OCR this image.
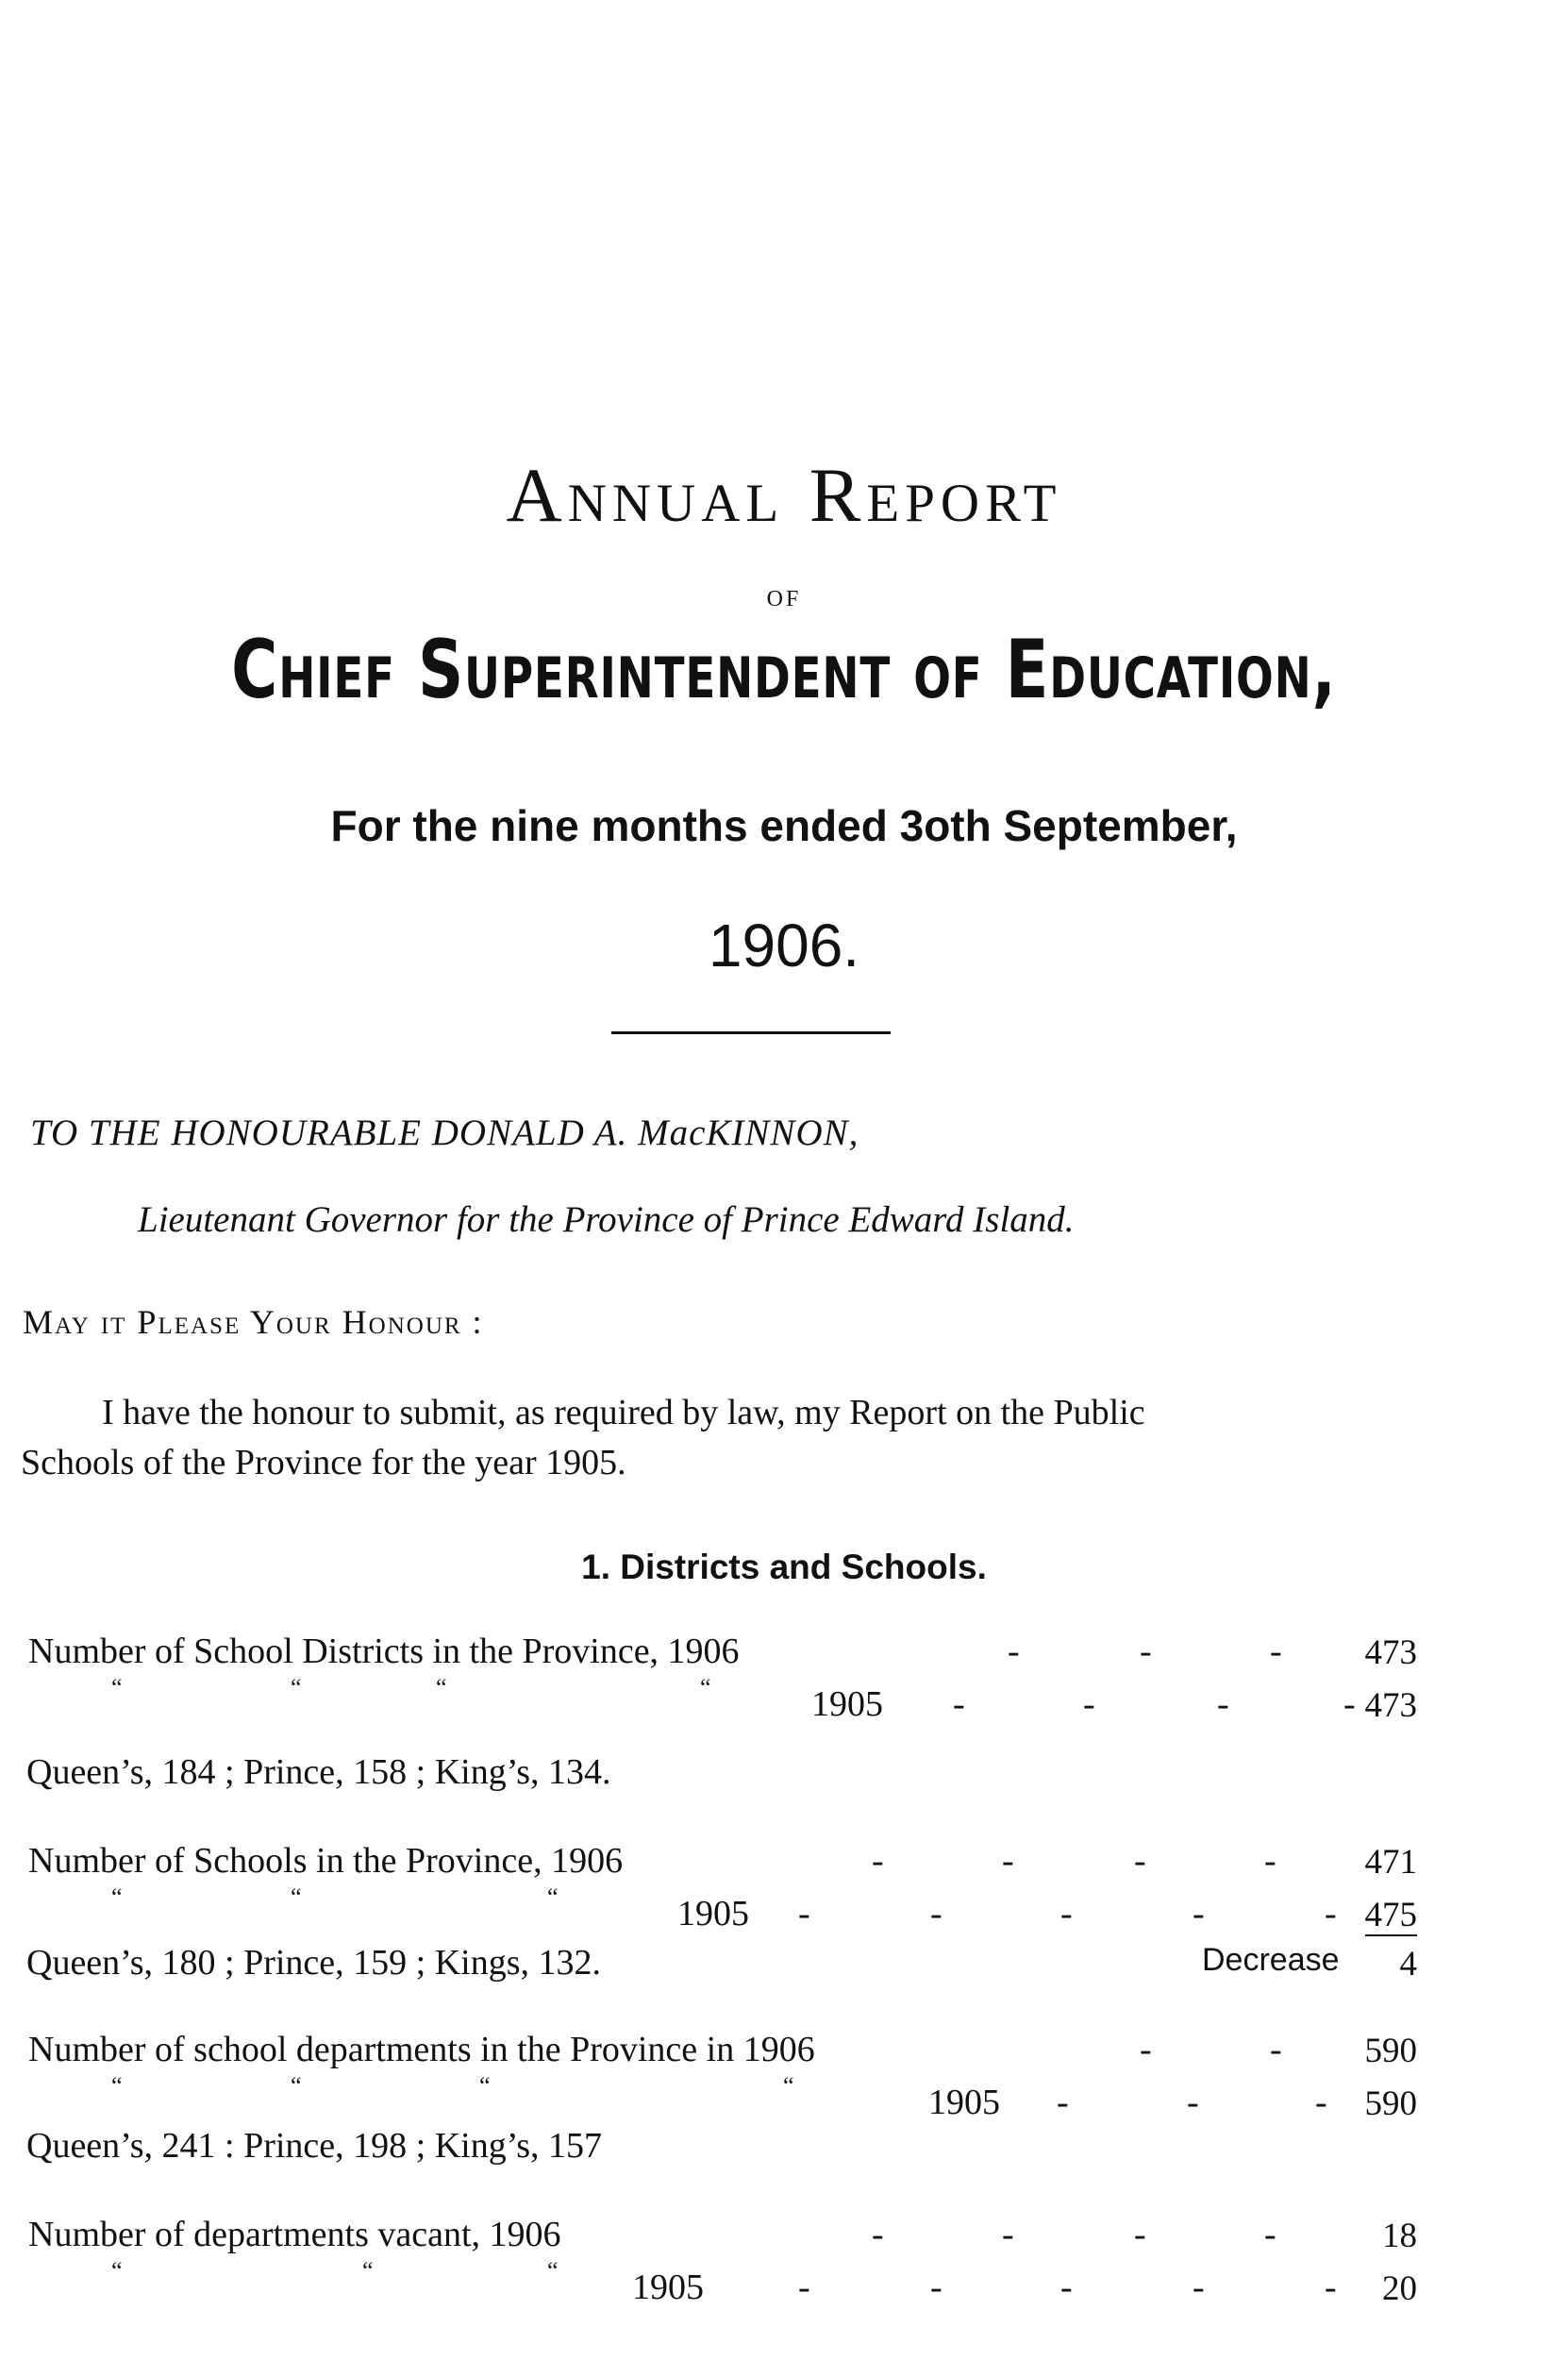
Annual Report
OF
Chief Superintendent of Education,
For the nine months ended 3oth September,
1906.
TO THE HONOURABLE DONALD A. MacKINNON,
Lieutenant Governor for the Province of Prince Edward Island.
May it Please Your Honour :
I have the honour to submit, as required by law, my Report on the Public
Schools of the Province for the year 1905.
1. Districts and Schools.
Number of School Districts in the Province, 1906	-	-	-	473
“	“	“	“	1905 -	-	-	- 473
Queen’s, 184 ; Prince, 158 ; King’s, 134.
Number of Schools in the Province, 1906	-	-	-	-	471
“	“	“	1905 -	-	-	-	- 475
Queen’s, 180 ; Prince, 159 ; Kings, 132.	Decrease	4
Number of school departments in the Province in 1906	-	-	590
“	“	“	“	1905 -	-	-	590
Queen’s, 241 : Prince, 198 ; King’s, 157
Number of departments vacant, 1906	-	-	-	-	18
“	“	“ 1905	-	-	-	-	-	20
